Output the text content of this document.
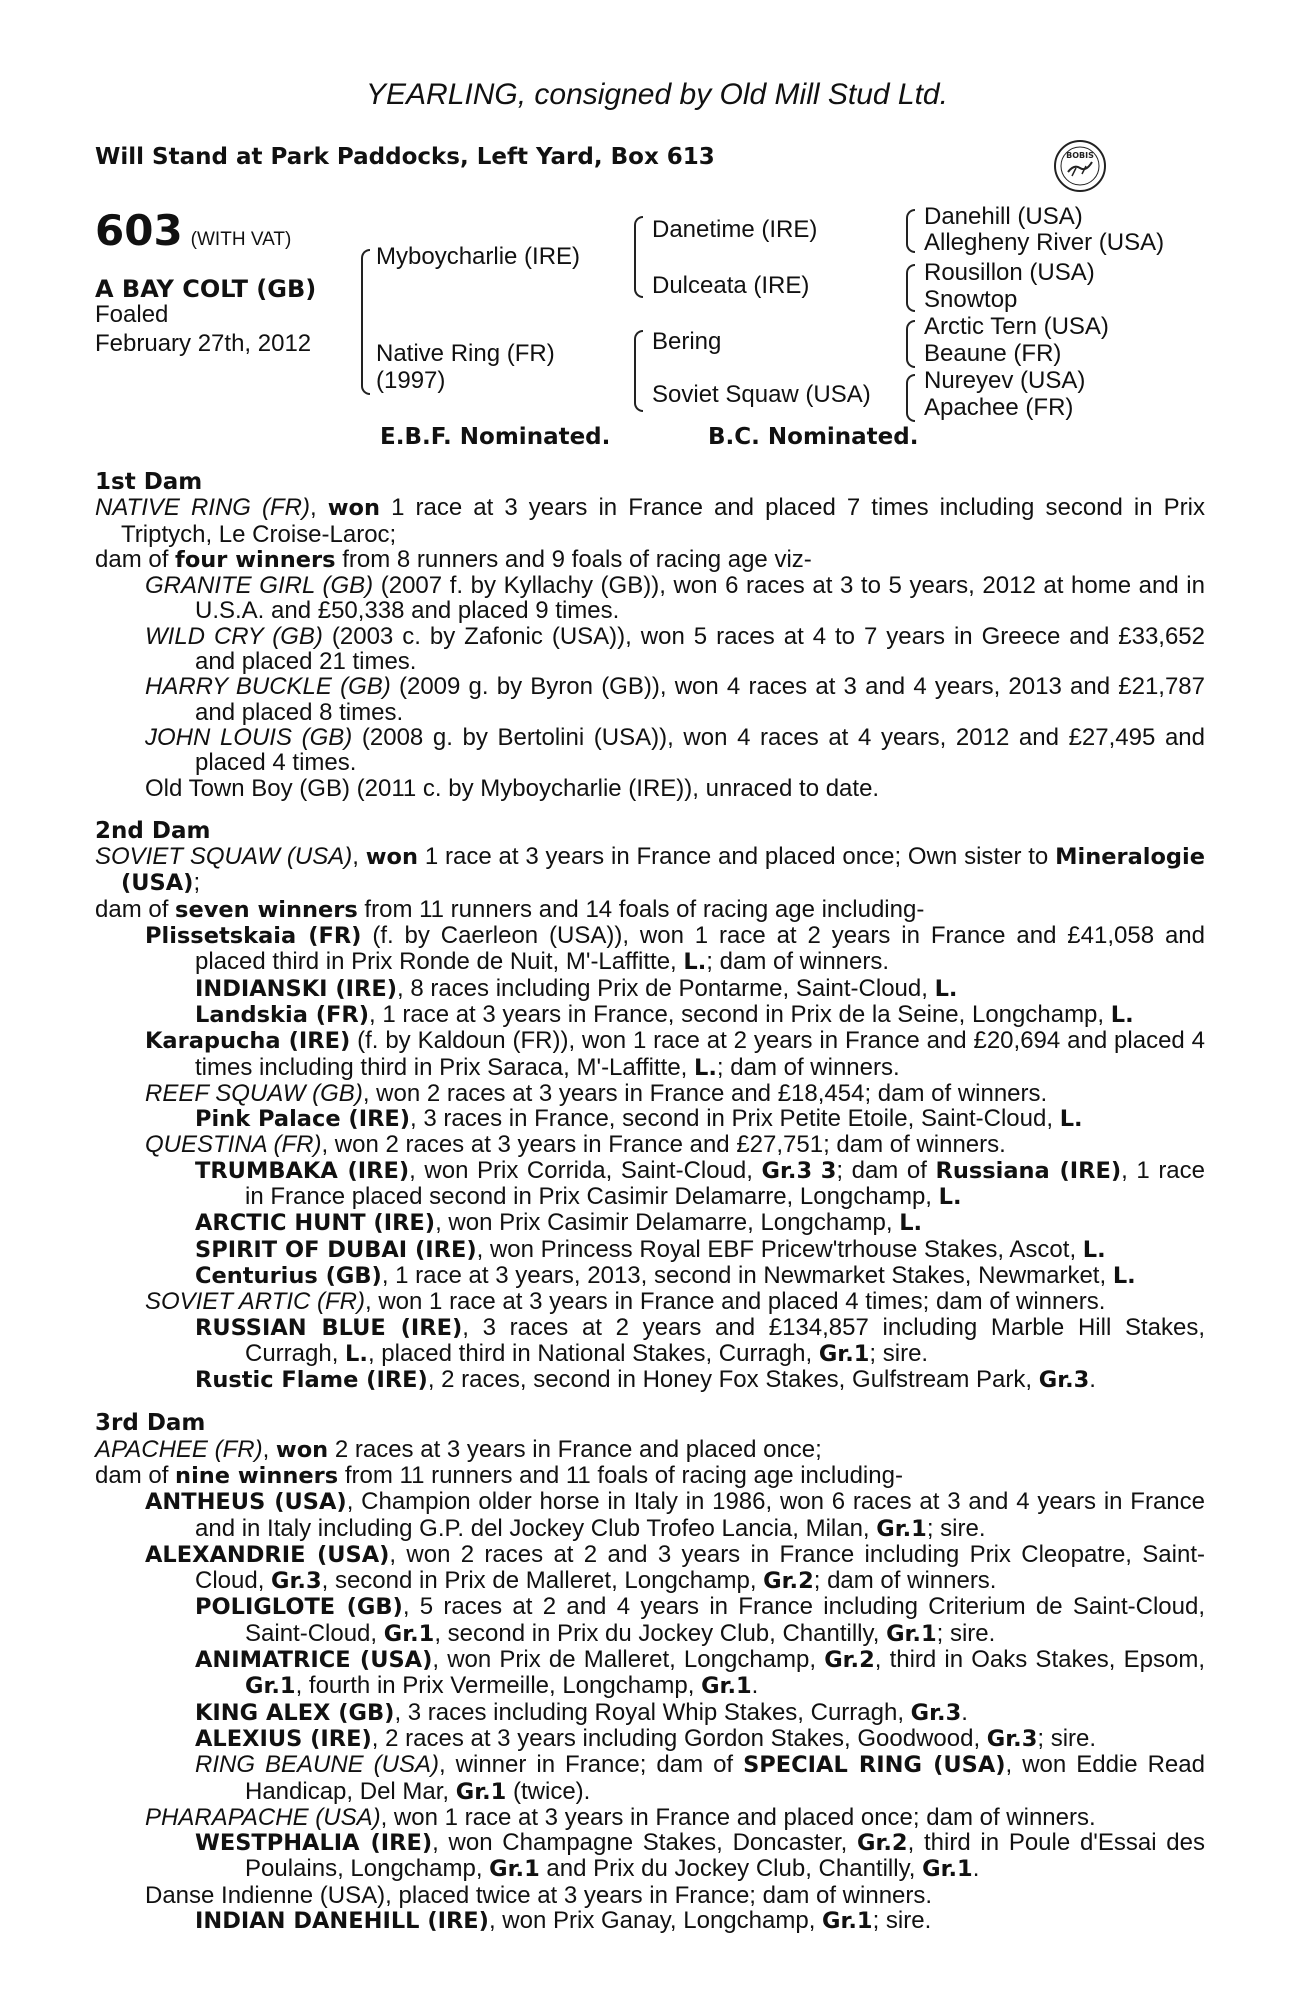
YEARLING, consigned by Old Mill Stud Ltd.
Will Stand at Park Paddocks, Left Yard, Box 613	BOBIS
603 (WITH VAT)
A BAY COLT (GB)
Foaled
February 27th, 2012
Myboycharlie (IRE)
Native Ring (FR)
(1997)
Danetime (IRE)
Dulceata (IRE)
Bering
Soviet Squaw (USA)
Danehill (USA)
Allegheny River (USA)
Rousillon (USA)
Snowtop
Arctic Tern (USA)
Beaune (FR)
Nureyev (USA)
Apachee (FR)
E.B.F. Nominated.	B.C. Nominated.
1st Dam
NATIVE RING (FR), won 1 race at 3 years in France and placed 7 times including second in Prix Triptych, Le Croise-Laroc;
dam of four winners from 8 runners and 9 foals of racing age viz-
GRANITE GIRL (GB) (2007 f. by Kyllachy (GB)), won 6 races at 3 to 5 years, 2012 at home and in U.S.A. and £50,338 and placed 9 times.
WILD CRY (GB) (2003 c. by Zafonic (USA)), won 5 races at 4 to 7 years in Greece and £33,652 and placed 21 times.
HARRY BUCKLE (GB) (2009 g. by Byron (GB)), won 4 races at 3 and 4 years, 2013 and £21,787 and placed 8 times.
JOHN LOUIS (GB) (2008 g. by Bertolini (USA)), won 4 races at 4 years, 2012 and £27,495 and placed 4 times.
Old Town Boy (GB) (2011 c. by Myboycharlie (IRE)), unraced to date.
2nd Dam
SOVIET SQUAW (USA), won 1 race at 3 years in France and placed once; Own sister to Mineralogie (USA);
dam of seven winners from 11 runners and 14 foals of racing age including-
Plissetskaia (FR) (f. by Caerleon (USA)), won 1 race at 2 years in France and £41,058 and placed third in Prix Ronde de Nuit, M'-Laffitte, L.; dam of winners.
INDIANSKI (IRE), 8 races including Prix de Pontarme, Saint-Cloud, L.
Landskia (FR), 1 race at 3 years in France, second in Prix de la Seine, Longchamp, L.
Karapucha (IRE) (f. by Kaldoun (FR)), won 1 race at 2 years in France and £20,694 and placed 4 times including third in Prix Saraca, M'-Laffitte, L.; dam of winners.
REEF SQUAW (GB), won 2 races at 3 years in France and £18,454; dam of winners.
Pink Palace (IRE), 3 races in France, second in Prix Petite Etoile, Saint-Cloud, L.
QUESTINA (FR), won 2 races at 3 years in France and £27,751; dam of winners.
TRUMBAKA (IRE), won Prix Corrida, Saint-Cloud, Gr.3 3; dam of Russiana (IRE), 1 race in France placed second in Prix Casimir Delamarre, Longchamp, L.
ARCTIC HUNT (IRE), won Prix Casimir Delamarre, Longchamp, L.
SPIRIT OF DUBAI (IRE), won Princess Royal EBF Pricew'trhouse Stakes, Ascot, L.
Centurius (GB), 1 race at 3 years, 2013, second in Newmarket Stakes, Newmarket, L.
SOVIET ARTIC (FR), won 1 race at 3 years in France and placed 4 times; dam of winners.
RUSSIAN BLUE (IRE), 3 races at 2 years and £134,857 including Marble Hill Stakes, Curragh, L., placed third in National Stakes, Curragh, Gr.1; sire.
Rustic Flame (IRE), 2 races, second in Honey Fox Stakes, Gulfstream Park, Gr.3.
3rd Dam
APACHEE (FR), won 2 races at 3 years in France and placed once;
dam of nine winners from 11 runners and 11 foals of racing age including-
ANTHEUS (USA), Champion older horse in Italy in 1986, won 6 races at 3 and 4 years in France and in Italy including G.P. del Jockey Club Trofeo Lancia, Milan, Gr.1; sire.
ALEXANDRIE (USA), won 2 races at 2 and 3 years in France including Prix Cleopatre, Saint-Cloud, Gr.3, second in Prix de Malleret, Longchamp, Gr.2; dam of winners.
POLIGLOTE (GB), 5 races at 2 and 4 years in France including Criterium de Saint-Cloud, Saint-Cloud, Gr.1, second in Prix du Jockey Club, Chantilly, Gr.1; sire.
ANIMATRICE (USA), won Prix de Malleret, Longchamp, Gr.2, third in Oaks Stakes, Epsom, Gr.1, fourth in Prix Vermeille, Longchamp, Gr.1.
KING ALEX (GB), 3 races including Royal Whip Stakes, Curragh, Gr.3.
ALEXIUS (IRE), 2 races at 3 years including Gordon Stakes, Goodwood, Gr.3; sire.
RING BEAUNE (USA), winner in France; dam of SPECIAL RING (USA), won Eddie Read Handicap, Del Mar, Gr.1 (twice).
PHARAPACHE (USA), won 1 race at 3 years in France and placed once; dam of winners.
WESTPHALIA (IRE), won Champagne Stakes, Doncaster, Gr.2, third in Poule d'Essai des Poulains, Longchamp, Gr.1 and Prix du Jockey Club, Chantilly, Gr.1.
Danse Indienne (USA), placed twice at 3 years in France; dam of winners.
INDIAN DANEHILL (IRE), won Prix Ganay, Longchamp, Gr.1; sire.
